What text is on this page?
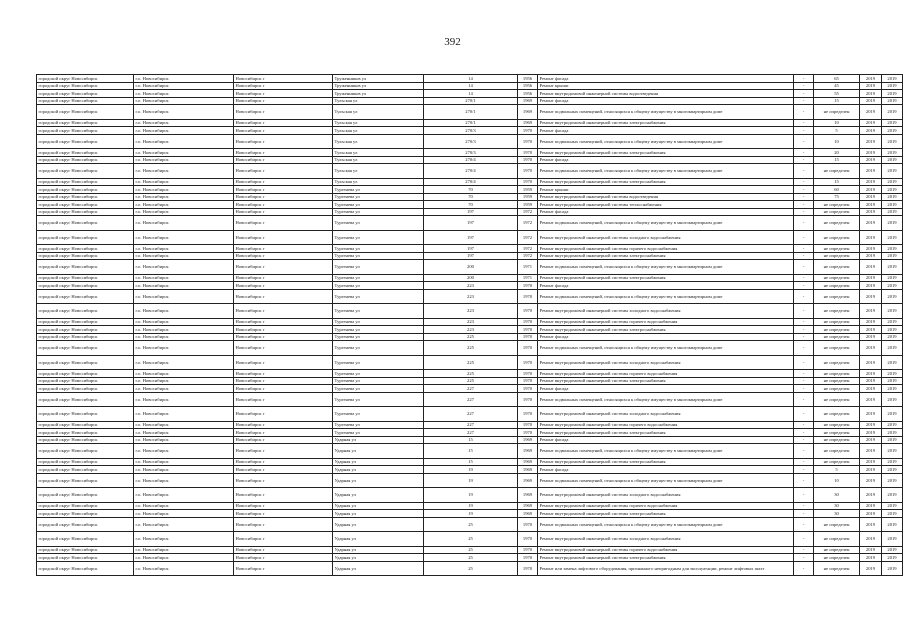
392
городской округ Новосибирск	г.о. Новосибирск	Новосибирск г	Труженников ул	14	1956	Ремонт фасада	-	65	2019	2019
городской округ Новосибирск	г.о. Новосибирск	Новосибирск г	Труженников ул	14	1956	Ремонт крыши	-	45	2019	2019
городской округ Новосибирск	г.о. Новосибирск	Новосибирск г	Труженников ул	14	1956	Ремонт внутридомовой инженерной системы водоотведения	-	55	2019	2019
городской округ Новосибирск	г.о. Новосибирск	Новосибирск г	Тульская ул	270/1	1969	Ремонт фасада	-	15	2019	2019
городской округ Новосибирск	г.о. Новосибирск	Новосибирск г	Тульская ул	270/1	1969	Ремонт подвальных помещений, относящихся к общему имуществу в многоквартирном доме	-	не определен	2019	2019
городской округ Новосибирск	г.о. Новосибирск	Новосибирск г	Тульская ул	270/1	1969	Ремонт внутридомовой инженерной системы электроснабжения	-	10	2019	2019
городской округ Новосибирск	г.о. Новосибирск	Новосибирск г	Тульская ул	270/3	1970	Ремонт фасада	-	5	2019	2019
городской округ Новосибирск	г.о. Новосибирск	Новосибирск г	Тульская ул	270/3	1970	Ремонт подвальных помещений, относящихся к общему имуществу в многоквартирном доме	-	10	2019	2019
городской округ Новосибирск	г.о. Новосибирск	Новосибирск г	Тульская ул	270/3	1970	Ремонт внутридомовой инженерной системы электроснабжения	-	20	2019	2019
городской округ Новосибирск	г.о. Новосибирск	Новосибирск г	Тульская ул	270/4	1970	Ремонт фасада	-	15	2019	2019
городской округ Новосибирск	г.о. Новосибирск	Новосибирск г	Тульская ул	270/4	1970	Ремонт подвальных помещений, относящихся к общему имуществу в многоквартирном доме	-	не определен	2019	2019
городской округ Новосибирск	г.о. Новосибирск	Новосибирск г	Тульская ул	270/4	1970	Ремонт внутридомовой инженерной системы электроснабжения	-	15	2019	2019
городской округ Новосибирск	г.о. Новосибирск	Новосибирск г	Тургенева ул	70	1959	Ремонт крыши	-	60	2019	2019
городской округ Новосибирск	г.о. Новосибирск	Новосибирск г	Тургенева ул	70	1959	Ремонт внутридомовой инженерной системы водоотведения	-	75	2019	2019
городской округ Новосибирск	г.о. Новосибирск	Новосибирск г	Тургенева ул	70	1959	Ремонт внутридомовой инженерной системы теплоснабжения	-	не определен	2019	2019
городской округ Новосибирск	г.о. Новосибирск	Новосибирск г	Тургенева ул	197	1972	Ремонт фасада	-	не определен	2019	2019
городской округ Новосибирск	г.о. Новосибирск	Новосибирск г	Тургенева ул	197	1972	Ремонт подвальных помещений, относящихся к общему имуществу в многоквартирном доме	-	не определен	2019	2019
городской округ Новосибирск	г.о. Новосибирск	Новосибирск г	Тургенева ул	197	1972	Ремонт внутридомовой инженерной системы холодного водоснабжения	-	не определен	2019	2019
городской округ Новосибирск	г.о. Новосибирск	Новосибирск г	Тургенева ул	197	1972	Ремонт внутридомовой инженерной системы горячего водоснабжения	-	не определен	2019	2019
городской округ Новосибирск	г.о. Новосибирск	Новосибирск г	Тургенева ул	197	1972	Ремонт внутридомовой инженерной системы электроснабжения	-	не определен	2019	2019
городской округ Новосибирск	г.о. Новосибирск	Новосибирск г	Тургенева ул	200	1971	Ремонт подвальных помещений, относящихся к общему имуществу в многоквартирном доме	-	не определен	2019	2019
городской округ Новосибирск	г.о. Новосибирск	Новосибирск г	Тургенева ул	200	1971	Ремонт внутридомовой инженерной системы электроснабжения	-	не определен	2019	2019
городской округ Новосибирск	г.о. Новосибирск	Новосибирск г	Тургенева ул	223	1970	Ремонт фасада	-	не определен	2019	2019
городской округ Новосибирск	г.о. Новосибирск	Новосибирск г	Тургенева ул	223	1970	Ремонт подвальных помещений, относящихся к общему имуществу в многоквартирном доме	-	не определен	2019	2019
городской округ Новосибирск	г.о. Новосибирск	Новосибирск г	Тургенева ул	223	1970	Ремонт внутридомовой инженерной системы холодного водоснабжения	-	не определен	2019	2019
городской округ Новосибирск	г.о. Новосибирск	Новосибирск г	Тургенева ул	223	1970	Ремонт внутридомовой инженерной системы горячего водоснабжения	-	не определен	2019	2019
городской округ Новосибирск	г.о. Новосибирск	Новосибирск г	Тургенева ул	223	1970	Ремонт внутридомовой инженерной системы электроснабжения	-	не определен	2019	2019
городской округ Новосибирск	г.о. Новосибирск	Новосибирск г	Тургенева ул	225	1970	Ремонт фасада	-	не определен	2019	2019
городской округ Новосибирск	г.о. Новосибирск	Новосибирск г	Тургенева ул	225	1970	Ремонт подвальных помещений, относящихся к общему имуществу в многоквартирном доме	-	не определен	2019	2019
городской округ Новосибирск	г.о. Новосибирск	Новосибирск г	Тургенева ул	225	1970	Ремонт внутридомовой инженерной системы холодного водоснабжения	-	не определен	2019	2019
городской округ Новосибирск	г.о. Новосибирск	Новосибирск г	Тургенева ул	225	1970	Ремонт внутридомовой инженерной системы горячего водоснабжения	-	не определен	2019	2019
городской округ Новосибирск	г.о. Новосибирск	Новосибирск г	Тургенева ул	225	1970	Ремонт внутридомовой инженерной системы электроснабжения	-	не определен	2019	2019
городской округ Новосибирск	г.о. Новосибирск	Новосибирск г	Тургенева ул	227	1970	Ремонт фасада	-	не определен	2019	2019
городской округ Новосибирск	г.о. Новосибирск	Новосибирск г	Тургенева ул	227	1970	Ремонт подвальных помещений, относящихся к общему имуществу в многоквартирном доме	-	не определен	2019	2019
городской округ Новосибирск	г.о. Новосибирск	Новосибирск г	Тургенева ул	227	1970	Ремонт внутридомовой инженерной системы холодного водоснабжения	-	не определен	2019	2019
городской округ Новосибирск	г.о. Новосибирск	Новосибирск г	Тургенева ул	227	1970	Ремонт внутридомовой инженерной системы горячего водоснабжения	-	не определен	2019	2019
городской округ Новосибирск	г.о. Новосибирск	Новосибирск г	Тургенева ул	227	1970	Ремонт внутридомовой инженерной системы электроснабжения	-	не определен	2019	2019
городской округ Новосибирск	г.о. Новосибирск	Новосибирск г	Ударная ул	15	1969	Ремонт фасада	-	не определен	2019	2019
городской округ Новосибирск	г.о. Новосибирск	Новосибирск г	Ударная ул	15	1969	Ремонт подвальных помещений, относящихся к общему имуществу в многоквартирном доме	-	не определен	2019	2019
городской округ Новосибирск	г.о. Новосибирск	Новосибирск г	Ударная ул	15	1969	Ремонт внутридомовой инженерной системы электроснабжения	-	не определен	2019	2019
городской округ Новосибирск	г.о. Новосибирск	Новосибирск г	Ударная ул	19	1969	Ремонт фасада	-	5	2019	2019
городской округ Новосибирск	г.о. Новосибирск	Новосибирск г	Ударная ул	19	1969	Ремонт подвальных помещений, относящихся к общему имуществу в многоквартирном доме	-	10	2019	2019
городской округ Новосибирск	г.о. Новосибирск	Новосибирск г	Ударная ул	19	1969	Ремонт внутридомовой инженерной системы холодного водоснабжения	-	30	2019	2019
городской округ Новосибирск	г.о. Новосибирск	Новосибирск г	Ударная ул	19	1969	Ремонт внутридомовой инженерной системы горячего водоснабжения	-	30	2019	2019
городской округ Новосибирск	г.о. Новосибирск	Новосибирск г	Ударная ул	19	1969	Ремонт внутридомовой инженерной системы электроснабжения	-	30	2019	2019
городской округ Новосибирск	г.о. Новосибирск	Новосибирск г	Ударная ул	25	1970	Ремонт подвальных помещений, относящихся к общему имуществу в многоквартирном доме	-	не определен	2019	2019
городской округ Новосибирск	г.о. Новосибирск	Новосибирск г	Ударная ул	25	1970	Ремонт внутридомовой инженерной системы холодного водоснабжения	-	не определен	2019	2019
городской округ Новосибирск	г.о. Новосибирск	Новосибирск г	Ударная ул	25	1970	Ремонт внутридомовой инженерной системы горячего водоснабжения	-	не определен	2019	2019
городской округ Новосибирск	г.о. Новосибирск	Новосибирск г	Ударная ул	25	1970	Ремонт внутридомовой инженерной системы электроснабжения	-	не определен	2019	2019
городской округ Новосибирск	г.о. Новосибирск	Новосибирск г	Ударная ул	25	1970	Ремонт или замена лифтового оборудования, признанного непригодным для эксплуатации, ремонт лифтовых шахт	-	не определен	2019	2019
